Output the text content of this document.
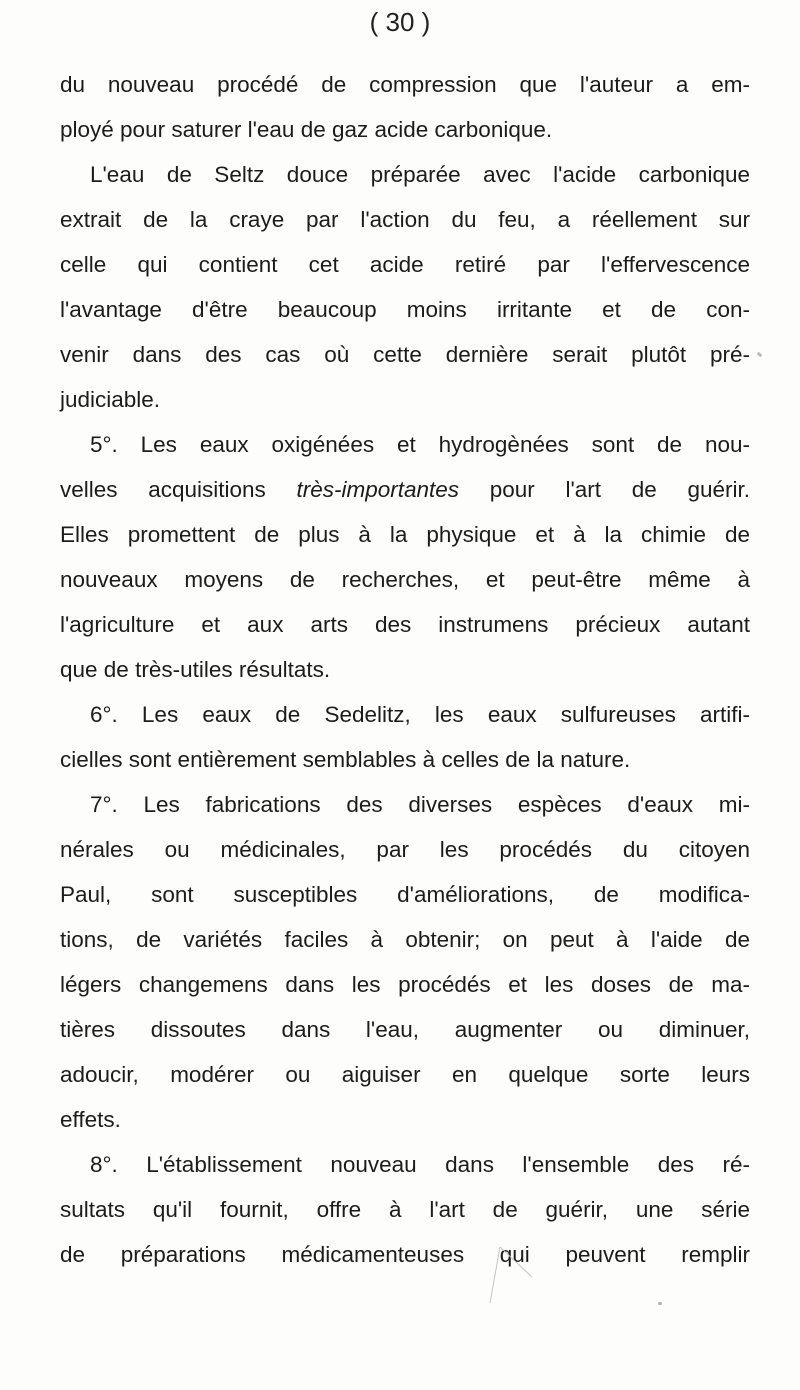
( 30 )
du nouveau procédé de compression que l'auteur a em-
ployé pour saturer l'eau de gaz acide carbonique.
L'eau de Seltz douce préparée avec l'acide carbonique
extrait de la craye par l'action du feu, a réellement sur
celle qui contient cet acide retiré par l'effervescence
l'avantage d'être beaucoup moins irritante et de con-
venir dans des cas où cette dernière serait plutôt pré-
judiciable.
5°. Les eaux oxigénées et hydrogènées sont de nou-
velles acquisitions très-importantes pour l'art de guérir.
Elles promettent de plus à la physique et à la chimie de
nouveaux moyens de recherches, et peut-être même à
l'agriculture et aux arts des instrumens précieux autant
que de très-utiles résultats.
6°. Les eaux de Sedelitz, les eaux sulfureuses artifi-
cielles sont entièrement semblables à celles de la nature.
7°. Les fabrications des diverses espèces d'eaux mi-
nérales ou médicinales, par les procédés du citoyen
Paul, sont susceptibles d'améliorations, de modifica-
tions, de variétés faciles à obtenir; on peut à l'aide de
légers changemens dans les procédés et les doses de ma-
tières dissoutes dans l'eau, augmenter ou diminuer,
adoucir, modérer ou aiguiser en quelque sorte leurs
effets.
8°. L'établissement nouveau dans l'ensemble des ré-
sultats qu'il fournit, offre à l'art de guérir, une série
de préparations médicamenteuses qui peuvent remplir
